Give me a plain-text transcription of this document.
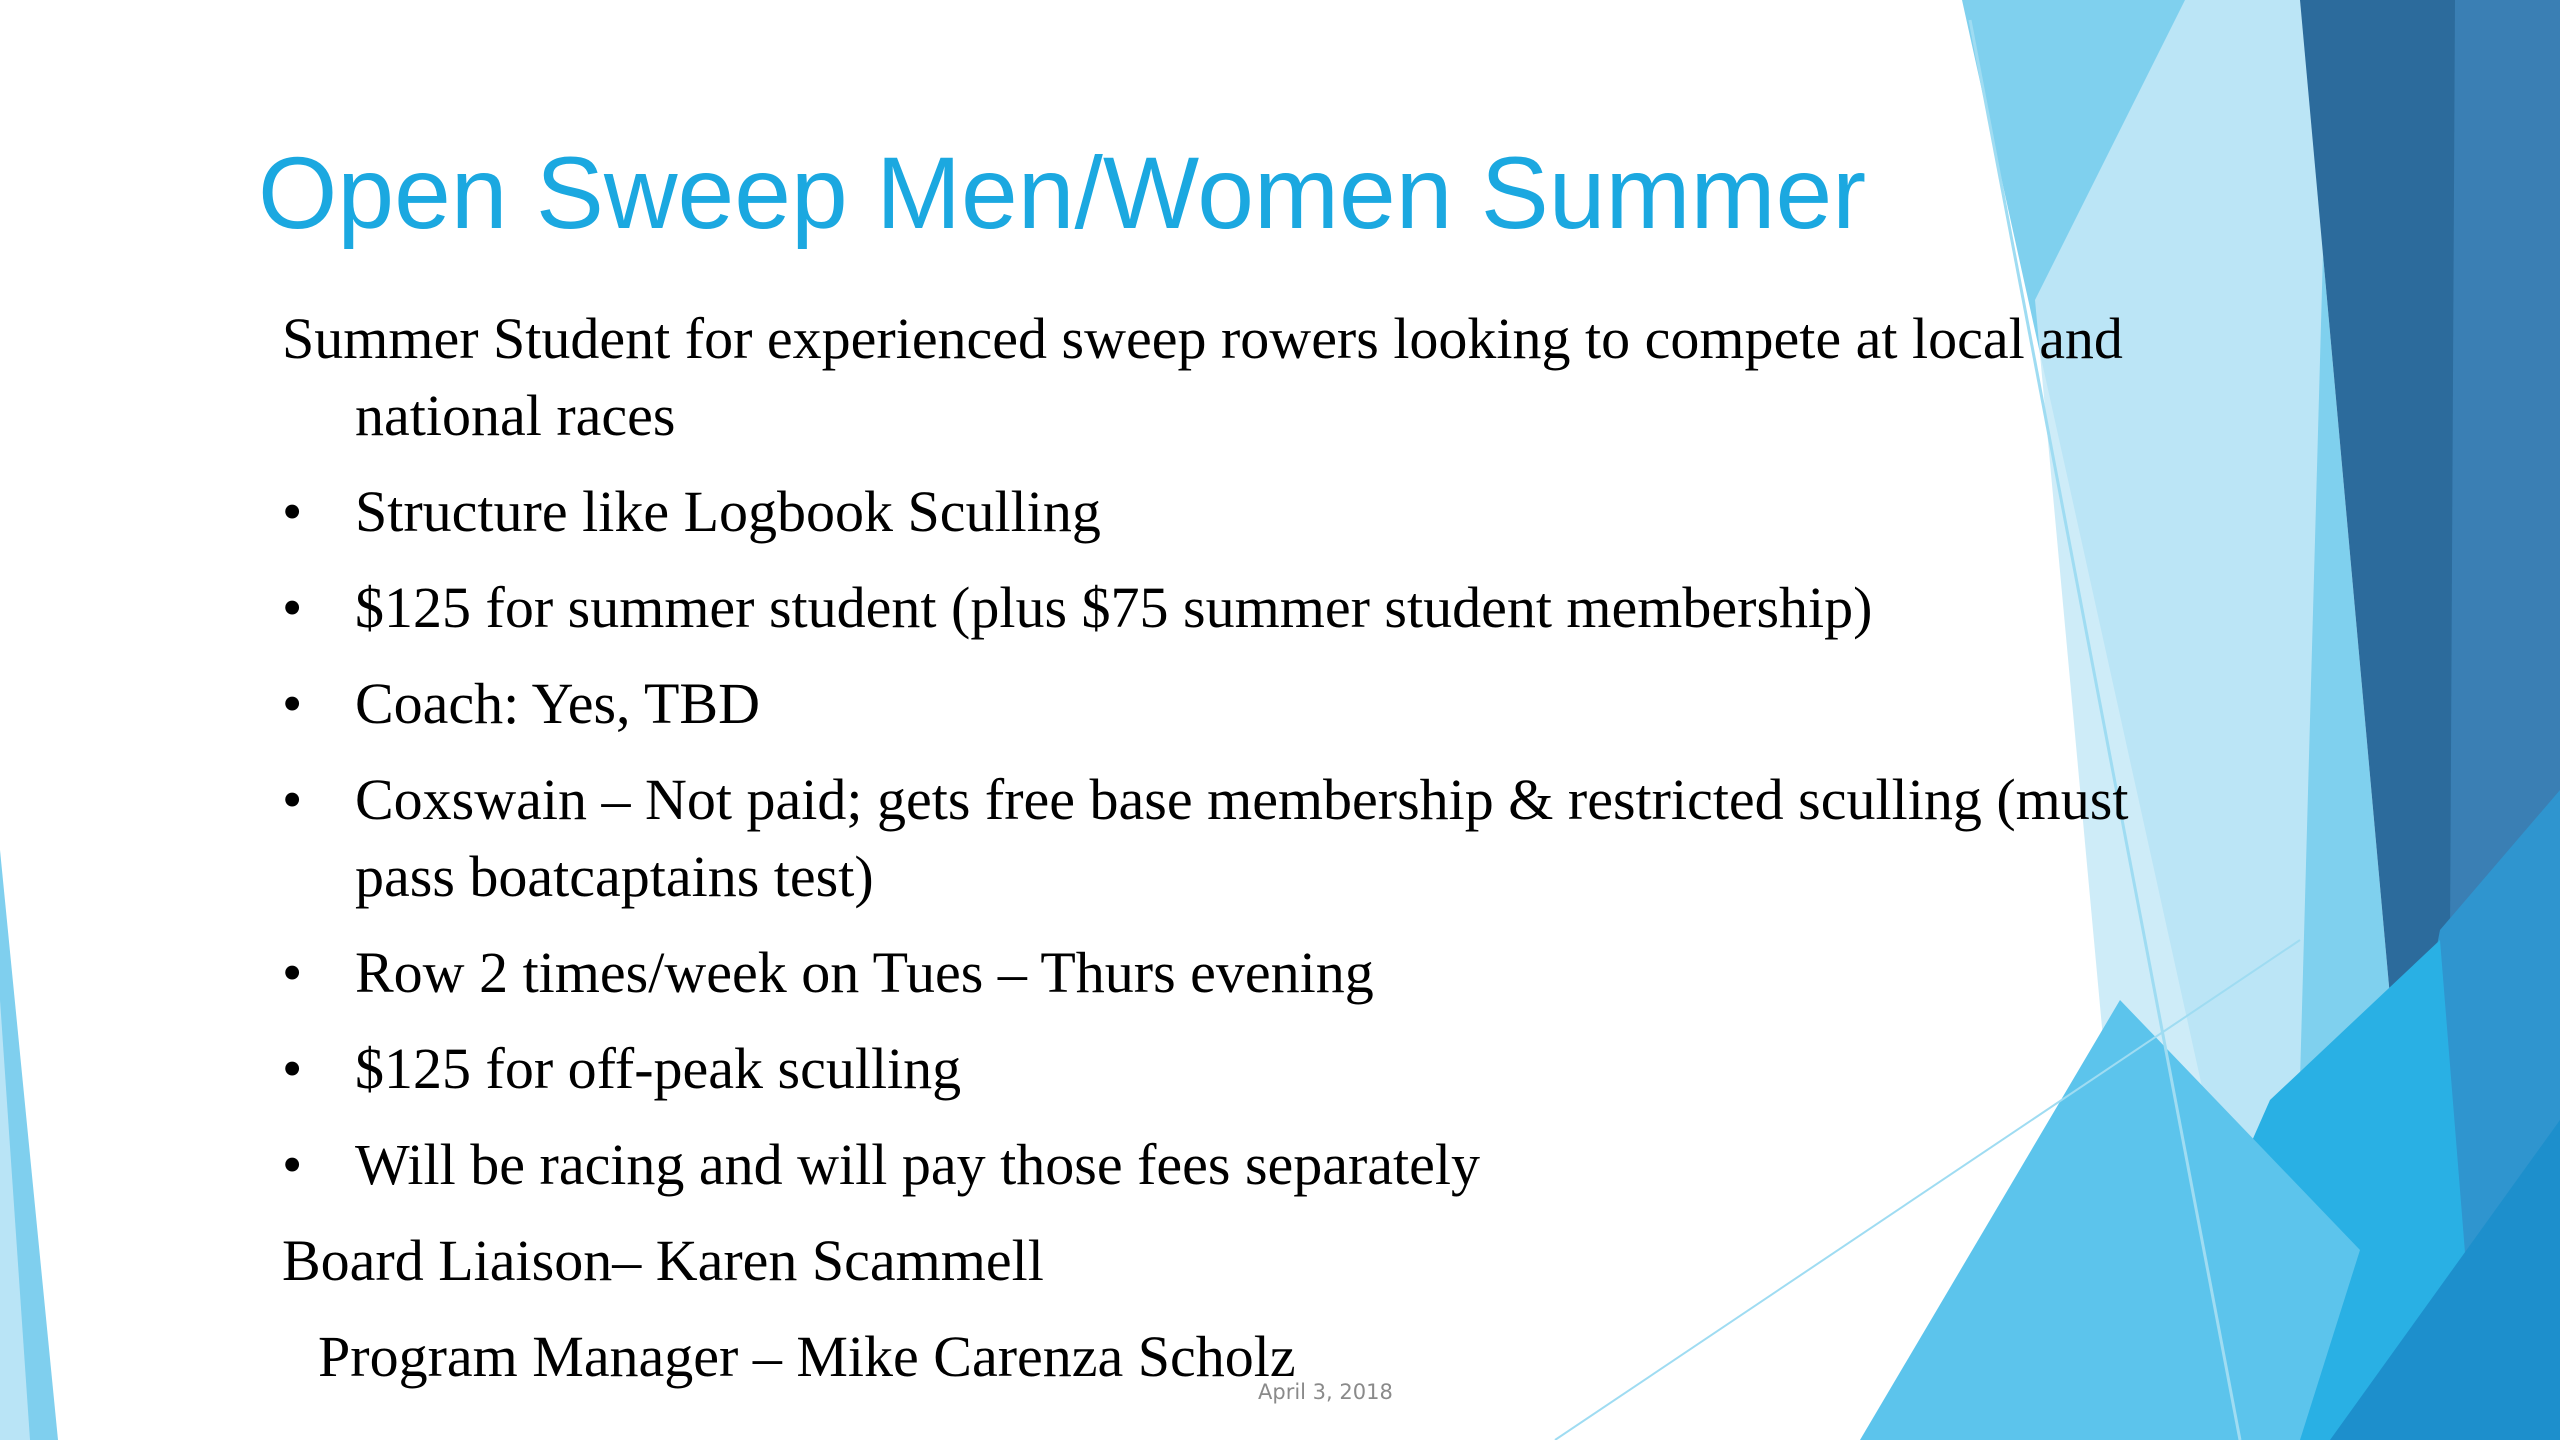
Open Sweep Men/Women Summer
Summer Student for experienced sweep rowers looking to compete at local and national races
• Structure like Logbook Sculling
• $125 for summer student (plus $75 summer student membership)
• Coach: Yes, TBD
• Coxswain – Not paid; gets free base membership & restricted sculling (must pass boatcaptains test)
• Row 2 times/week on Tues – Thurs evening
• $125 for off-peak sculling
• Will be racing and will pay those fees separately
Board Liaison– Karen Scammell
Program Manager – Mike Carenza Scholz
April 3, 2018
